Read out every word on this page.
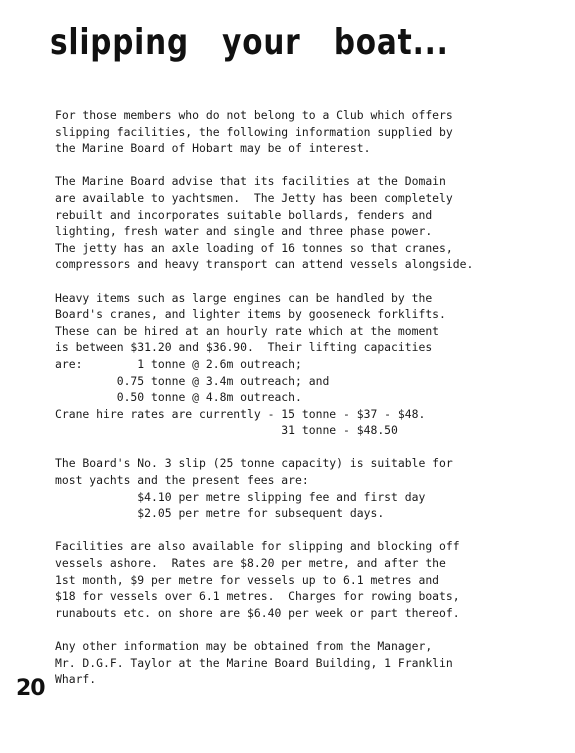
slipping   your   boat...
For those members who do not belong to a Club which offers
slipping facilities, the following information supplied by
the Marine Board of Hobart may be of interest.
The Marine Board advise that its facilities at the Domain
are available to yachtsmen.  The Jetty has been completely
rebuilt and incorporates suitable bollards, fenders and
lighting, fresh water and single and three phase power.
The jetty has an axle loading of 16 tonnes so that cranes,
compressors and heavy transport can attend vessels alongside.
Heavy items such as large engines can be handled by the
Board's cranes, and lighter items by gooseneck forklifts.
These can be hired at an hourly rate which at the moment
is between $31.20 and $36.90.  Their lifting capacities
are:        1 tonne @ 2.6m outreach;
0.75 tonne @ 3.4m outreach; and
0.50 tonne @ 4.8m outreach.
Crane hire rates are currently - 15 tonne - $37 - $48.
31 tonne - $48.50
The Board's No. 3 slip (25 tonne capacity) is suitable for
most yachts and the present fees are:
$4.10 per metre slipping fee and first day
$2.05 per metre for subsequent days.
Facilities are also available for slipping and blocking off
vessels ashore.  Rates are $8.20 per metre, and after the
1st month, $9 per metre for vessels up to 6.1 metres and
$18 for vessels over 6.1 metres.  Charges for rowing boats,
runabouts etc. on shore are $6.40 per week or part thereof.
Any other information may be obtained from the Manager,
Mr. D.G.F. Taylor at the Marine Board Building, 1 Franklin
Wharf.
20
